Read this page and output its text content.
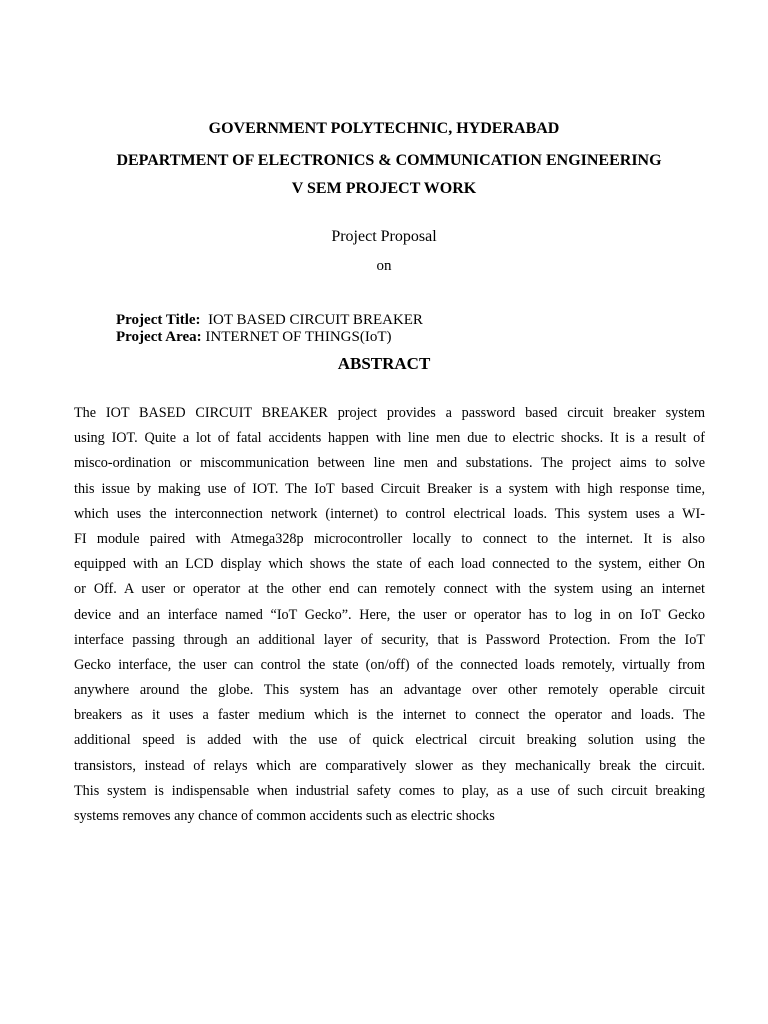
GOVERNMENT POLYTECHNIC, HYDERABAD
DEPARTMENT OF ELECTRONICS & COMMUNICATION ENGINEERING
V SEM PROJECT WORK
Project Proposal
on
Project Title: IOT BASED CIRCUIT BREAKER
Project Area: INTERNET OF THINGS(IoT)
ABSTRACT
The IOT BASED CIRCUIT BREAKER project provides a password based circuit breaker system
using IOT. Quite a lot of fatal accidents happen with line men due to electric shocks. It is a result of
misco-ordination or miscommunication between line men and substations. The project aims to solve
this issue by making use of IOT. The IoT based Circuit Breaker is a system with high response time,
which uses the interconnection network (internet) to control electrical loads. This system uses a WI-
FI module paired with Atmega328p microcontroller locally to connect to the internet. It is also
equipped with an LCD display which shows the state of each load connected to the system, either On
or Off. A user or operator at the other end can remotely connect with the system using an internet
device and an interface named “IoT Gecko”. Here, the user or operator has to log in on IoT Gecko
interface passing through an additional layer of security, that is Password Protection. From the IoT
Gecko interface, the user can control the state (on/off) of the connected loads remotely, virtually from
anywhere around the globe. This system has an advantage over other remotely operable circuit
breakers as it uses a faster medium which is the internet to connect the operator and loads. The
additional speed is added with the use of quick electrical circuit breaking solution using the
transistors, instead of relays which are comparatively slower as they mechanically break the circuit.
This system is indispensable when industrial safety comes to play, as a use of such circuit breaking
systems removes any chance of common accidents such as electric shocks
